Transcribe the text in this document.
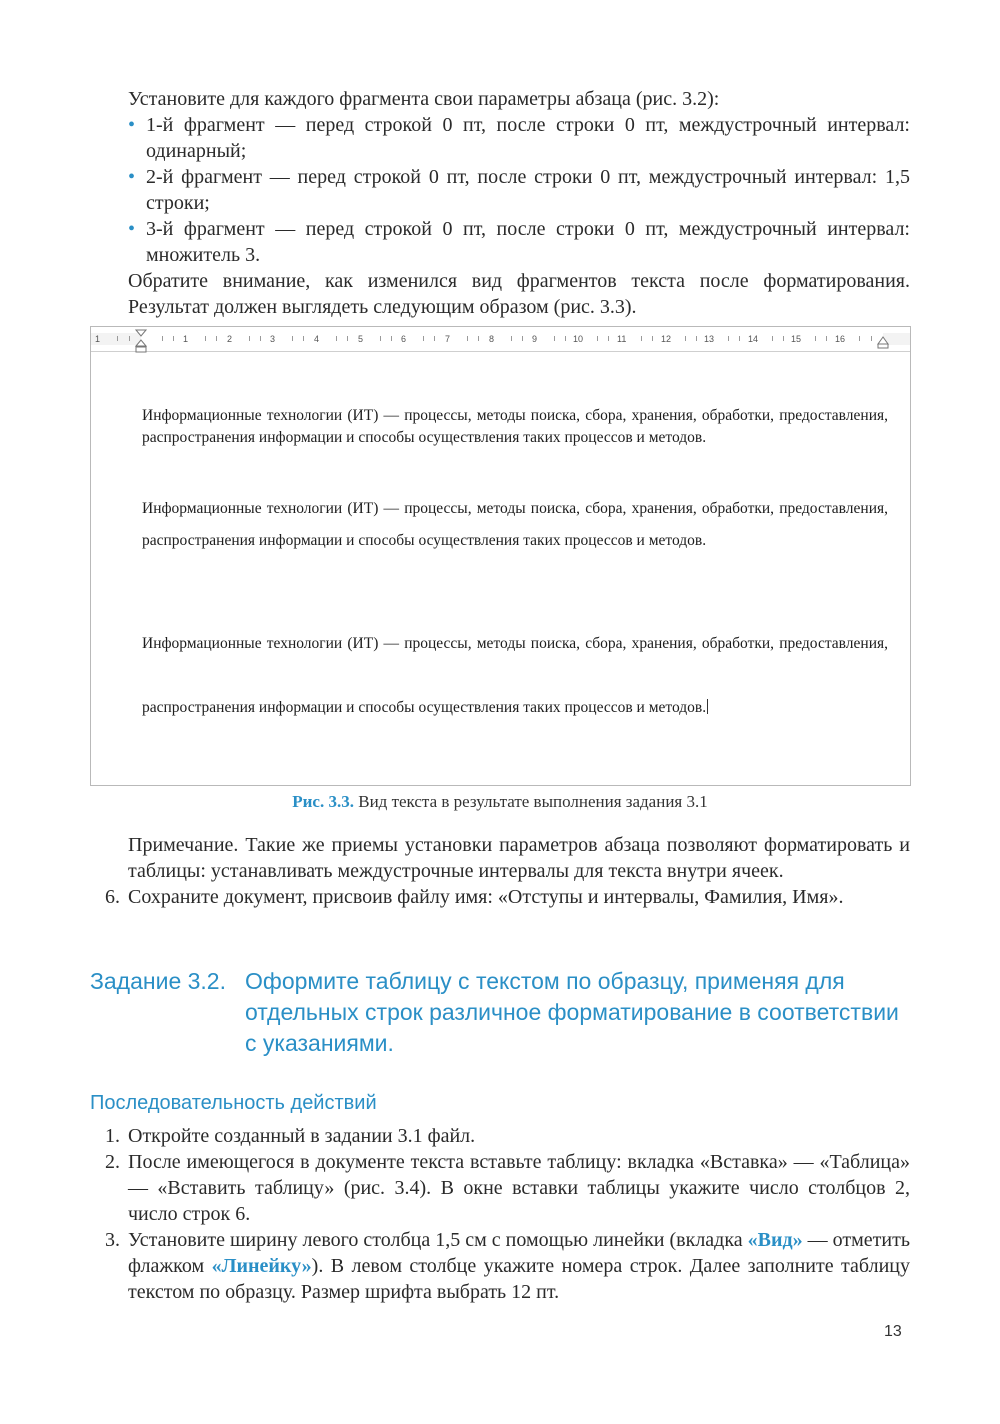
Установите для каждого фрагмента свои параметры абзаца (рис. 3.2):
• 1-й фрагмент — перед строкой 0 пт, после строки 0 пт, междустрочный интервал: одинарный;
• 2-й фрагмент — перед строкой 0 пт, после строки 0 пт, междустрочный интервал: 1,5 строки;
• 3-й фрагмент — перед строкой 0 пт, после строки 0 пт, междустрочный интервал: множитель 3.
Обратите внимание, как изменился вид фрагментов текста после форматирования. Результат должен выглядеть следующим образом (рис. 3.3).
1	1	2	3	4	5	6	7	8	9	10	11	12	13	14	15	16
Информационные технологии (ИТ) — процессы, методы поиска, сбора, хранения, обработки, предоставления, распространения информации и способы осуществления таких процессов и методов.
Информационные технологии (ИТ) — процессы, методы поиска, сбора, хранения, обработки, предоставления, распространения информации и способы осуществления таких процессов и методов.
Информационные технологии (ИТ) — процессы, методы поиска, сбора, хранения, обработки, предоставления, распространения информации и способы осуществления таких процессов и методов.
Рис. 3.3. Вид текста в результате выполнения задания 3.1
Примечание. Такие же приемы установки параметров абзаца позволяют форматировать и таблицы: устанавливать междустрочные интервалы для текста внутри ячеек.
6. Сохраните документ, присвоив файлу имя: «Отступы и интервалы, Фамилия, Имя».
Задание 3.2. Оформите таблицу с текстом по образцу, применяя для отдельных строк различное форматирование в соответствии с указаниями.
Последовательность действий
1. Откройте созданный в задании 3.1 файл.
2. После имеющегося в документе текста вставьте таблицу: вкладка «Вставка» — «Таблица» — «Вставить таблицу» (рис. 3.4). В окне вставки таблицы укажите число столбцов 2, число строк 6.
3. Установите ширину левого столбца 1,5 см с помощью линейки (вкладка «Вид» — отметить флажком «Линейку»). В левом столбце укажите номера строк. Далее заполните таблицу текстом по образцу. Размер шрифта выбрать 12 пт.
13
